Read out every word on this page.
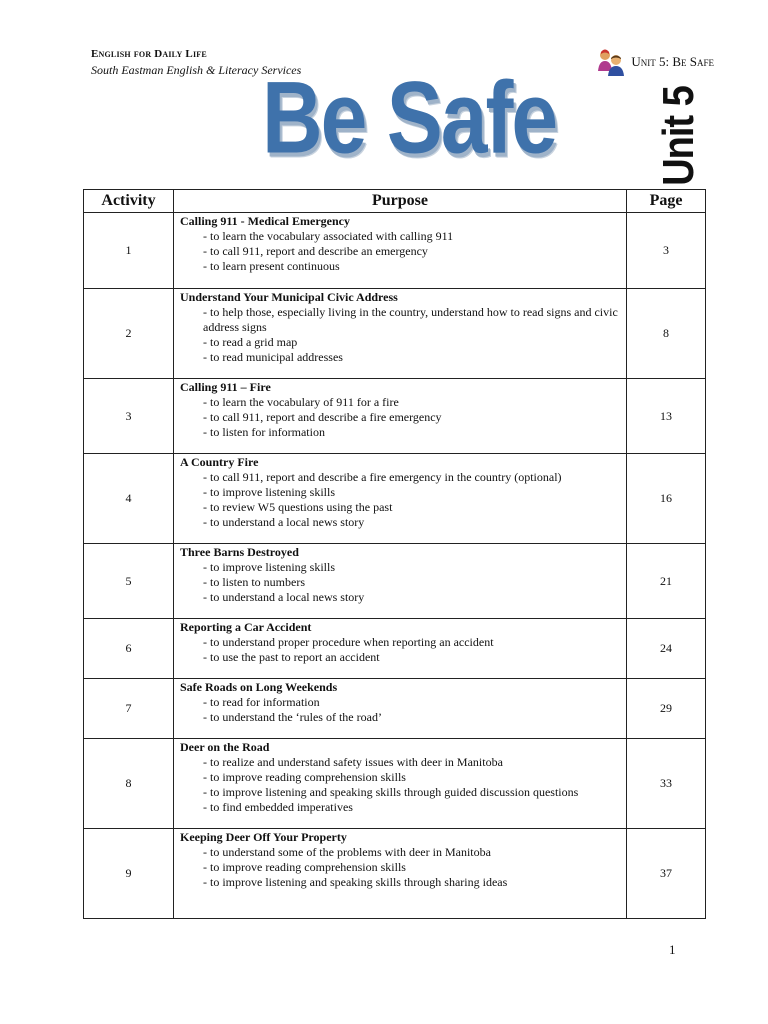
English for Daily Life
South Eastman English & Literacy Services
Unit 5: Be Safe
Be Safe	Unit 5
Activity	Purpose	Page
1	Calling 911 - Medical Emergency
- to learn the vocabulary associated with calling 911
- to call 911, report and describe an emergency
- to learn present continuous	3
2	Understand Your Municipal Civic Address
- to help those, especially living in the country, understand how to read signs and civic address signs
- to read a grid map
- to read municipal addresses	8
3	Calling 911 – Fire
- to learn the vocabulary of 911 for a fire
- to call 911, report and describe a fire emergency
- to listen for information	13
4	A Country Fire
- to call 911, report and describe a fire emergency in the country (optional)
- to improve listening skills
- to review W5 questions using the past
- to understand a local news story	16
5	Three Barns Destroyed
- to improve listening skills
- to listen to numbers
- to understand a local news story	21
6	Reporting a Car Accident
- to understand proper procedure when reporting an accident
- to use the past to report an accident	24
7	Safe Roads on Long Weekends
- to read for information
- to understand the ‘rules of the road’	29
8	Deer on the Road
- to realize and understand safety issues with deer in Manitoba
- to improve reading comprehension skills
- to improve listening and speaking skills through guided discussion questions
- to find embedded imperatives	33
9	Keeping Deer Off Your Property
- to understand some of the problems with deer in Manitoba
- to improve reading comprehension skills
- to improve listening and speaking skills through sharing ideas	37
1
